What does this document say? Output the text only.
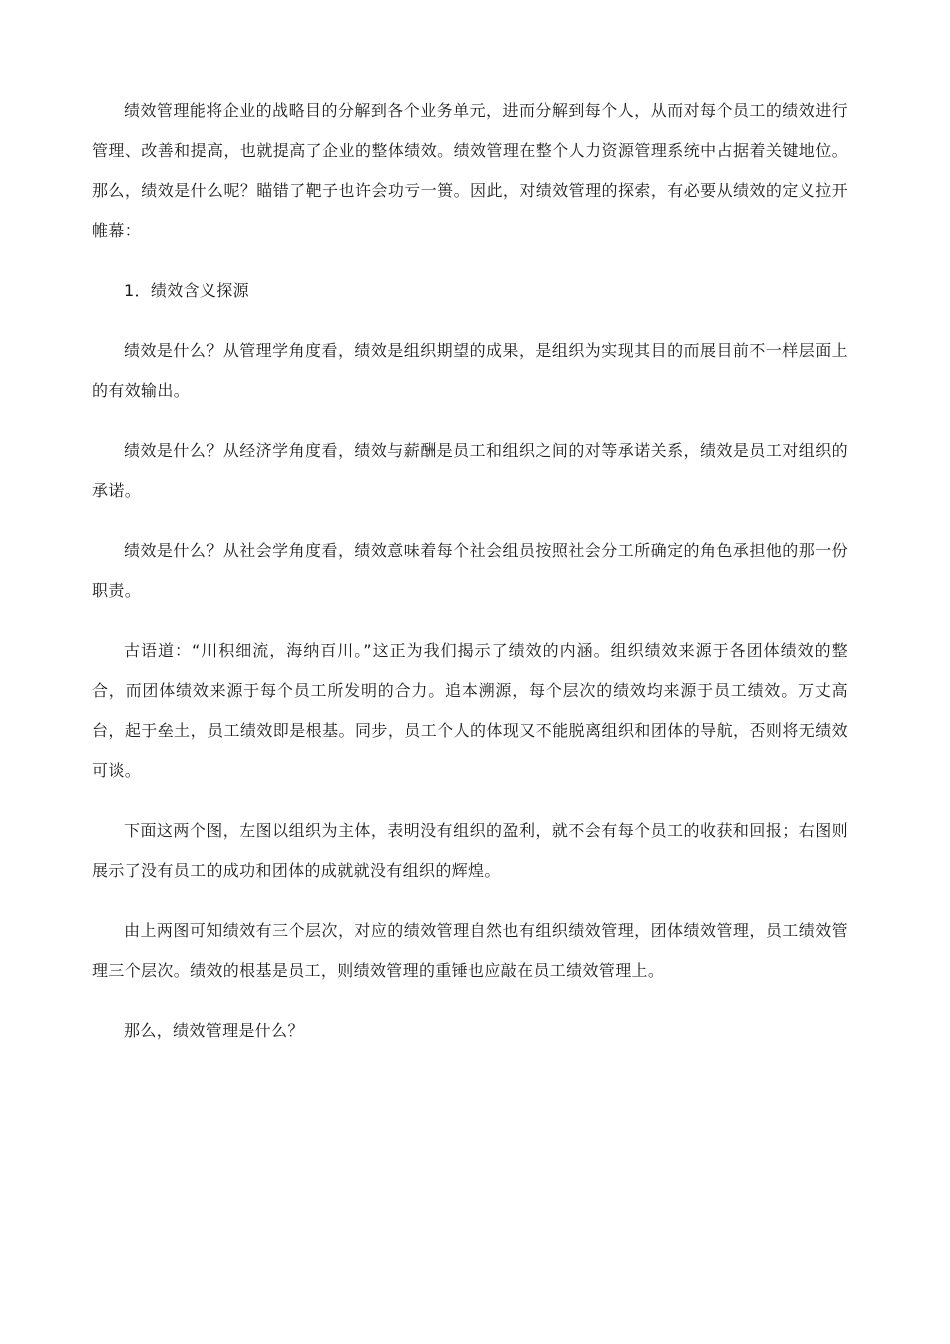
绩效管理能将企业的战略目的分解到各个业务单元，进而分解到每个人，从而对每个员工的绩效进行管理、改善和提高，也就提高了企业的整体绩效。绩效管理在整个人力资源管理系统中占据着关键地位。那么，绩效是什么呢？瞄错了靶子也许会功亏一篑。因此，对绩效管理的探索，有必要从绩效的定义拉开帷幕：

1．绩效含义探源

绩效是什么？从管理学角度看，绩效是组织期望的成果，是组织为实现其目的而展目前不一样层面上的有效输出。

绩效是什么？从经济学角度看，绩效与薪酬是员工和组织之间的对等承诺关系，绩效是员工对组织的承诺。

绩效是什么？从社会学角度看，绩效意味着每个社会组员按照社会分工所确定的角色承担他的那一份职责。

古语道：“川积细流，海纳百川。”这正为我们揭示了绩效的内涵。组织绩效来源于各团体绩效的整合，而团体绩效来源于每个员工所发明的合力。追本溯源，每个层次的绩效均来源于员工绩效。万丈高台，起于垒土，员工绩效即是根基。同步，员工个人的体现又不能脱离组织和团体的导航，否则将无绩效可谈。

下面这两个图，左图以组织为主体，表明没有组织的盈利，就不会有每个员工的收获和回报；右图则展示了没有员工的成功和团体的成就就没有组织的辉煌。

由上两图可知绩效有三个层次，对应的绩效管理自然也有组织绩效管理，团体绩效管理，员工绩效管理三个层次。绩效的根基是员工，则绩效管理的重锤也应敲在员工绩效管理上。

那么，绩效管理是什么？
